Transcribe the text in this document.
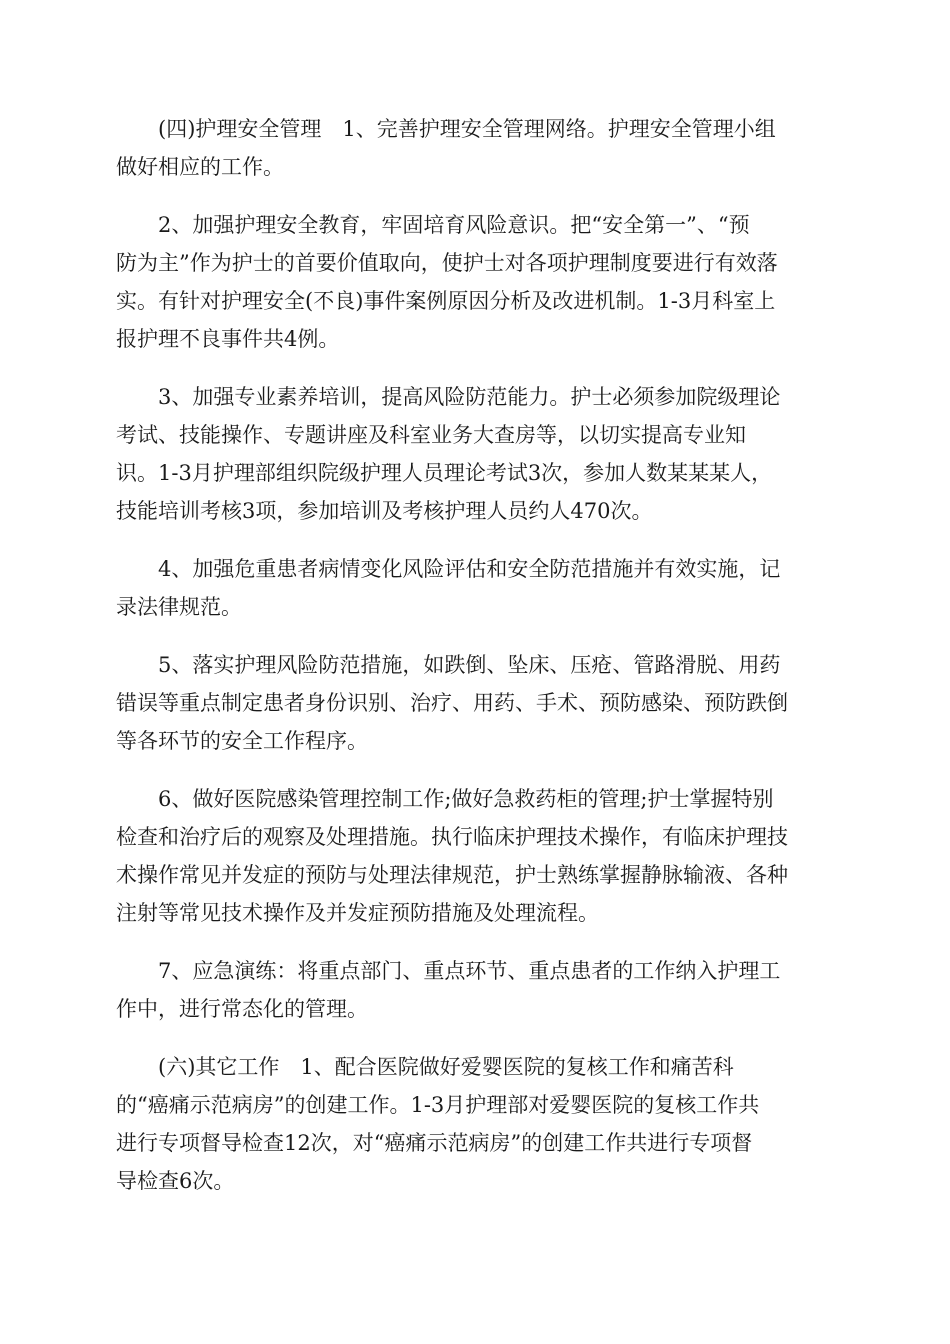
(四)护理安全管理　1、完善护理安全管理网络。护理安全管理小组
做好相应的工作。

2、加强护理安全教育，牢固培育风险意识。把“安全第一”、“预
防为主”作为护士的首要价值取向，使护士对各项护理制度要进行有效落
实。有针对护理安全(不良)事件案例原因分析及改进机制。1-3月科室上
报护理不良事件共4例。

3、加强专业素养培训，提高风险防范能力。护士必须参加院级理论
考试、技能操作、专题讲座及科室业务大查房等，以切实提高专业知
识。1-3月护理部组织院级护理人员理论考试3次，参加人数某某某人，
技能培训考核3项，参加培训及考核护理人员约人470次。

4、加强危重患者病情变化风险评估和安全防范措施并有效实施，记
录法律规范。

5、落实护理风险防范措施，如跌倒、坠床、压疮、管路滑脱、用药
错误等重点制定患者身份识别、治疗、用药、手术、预防感染、预防跌倒
等各环节的安全工作程序。

6、做好医院感染管理控制工作;做好急救药柜的管理;护士掌握特别
检查和治疗后的观察及处理措施。执行临床护理技术操作，有临床护理技
术操作常见并发症的预防与处理法律规范，护士熟练掌握静脉输液、各种
注射等常见技术操作及并发症预防措施及处理流程。

7、应急演练：将重点部门、重点环节、重点患者的工作纳入护理工
作中，进行常态化的管理。

(六)其它工作　1、配合医院做好爱婴医院的复核工作和痛苦科
的“癌痛示范病房”的创建工作。1-3月护理部对爱婴医院的复核工作共
进行专项督导检查12次，对“癌痛示范病房”的创建工作共进行专项督
导检查6次。
